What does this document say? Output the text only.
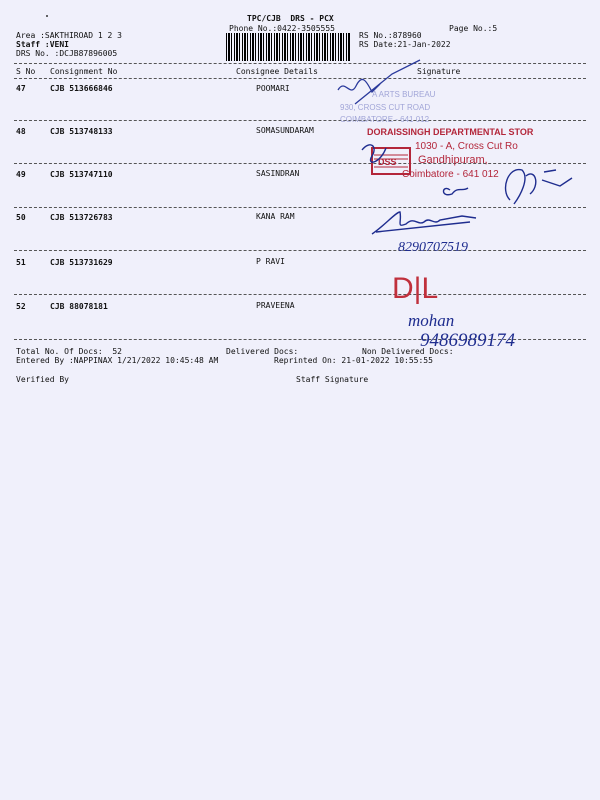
TPC/CJB  DRS - PCX
Phone No.:0422-3505555	Page No.:5
Area :SAKTHIROAD 1 2 3
Staff :VENI
DRS No. :DCJB87896005
RS No.:878960
RS Date:21-Jan-2022
S No Consignment No	Consignee Details	Signature
47	CJB 513666846	POOMARI
48	CJB 513748133	SOMASUNDARAM
49	CJB 513747110	SASINDRAN
50	CJB 513726783	KANA RAM
51	CJB 513731629	P RAVI
52	CJB 88078181	PRAVEENA
Total No. Of Docs:  52	Delivered Docs:	Non Delivered Docs:
Entered By :NAPPINAX 1/21/2022 10:45:48 AM	Reprinted On: 21-01-2022 10:55:55
Verified By	Staff Signature
A ARTS BUREAU
930, CROSS CUT ROAD
COIMBATORE - 641 012
DORAISSINGH DEPARTMENTAL STOR
1030 - A, Cross Cut Ro
Gandhipuram,
Coimbatore - 641 012
DSS
8290707519
D|L
mohan
9486989174
